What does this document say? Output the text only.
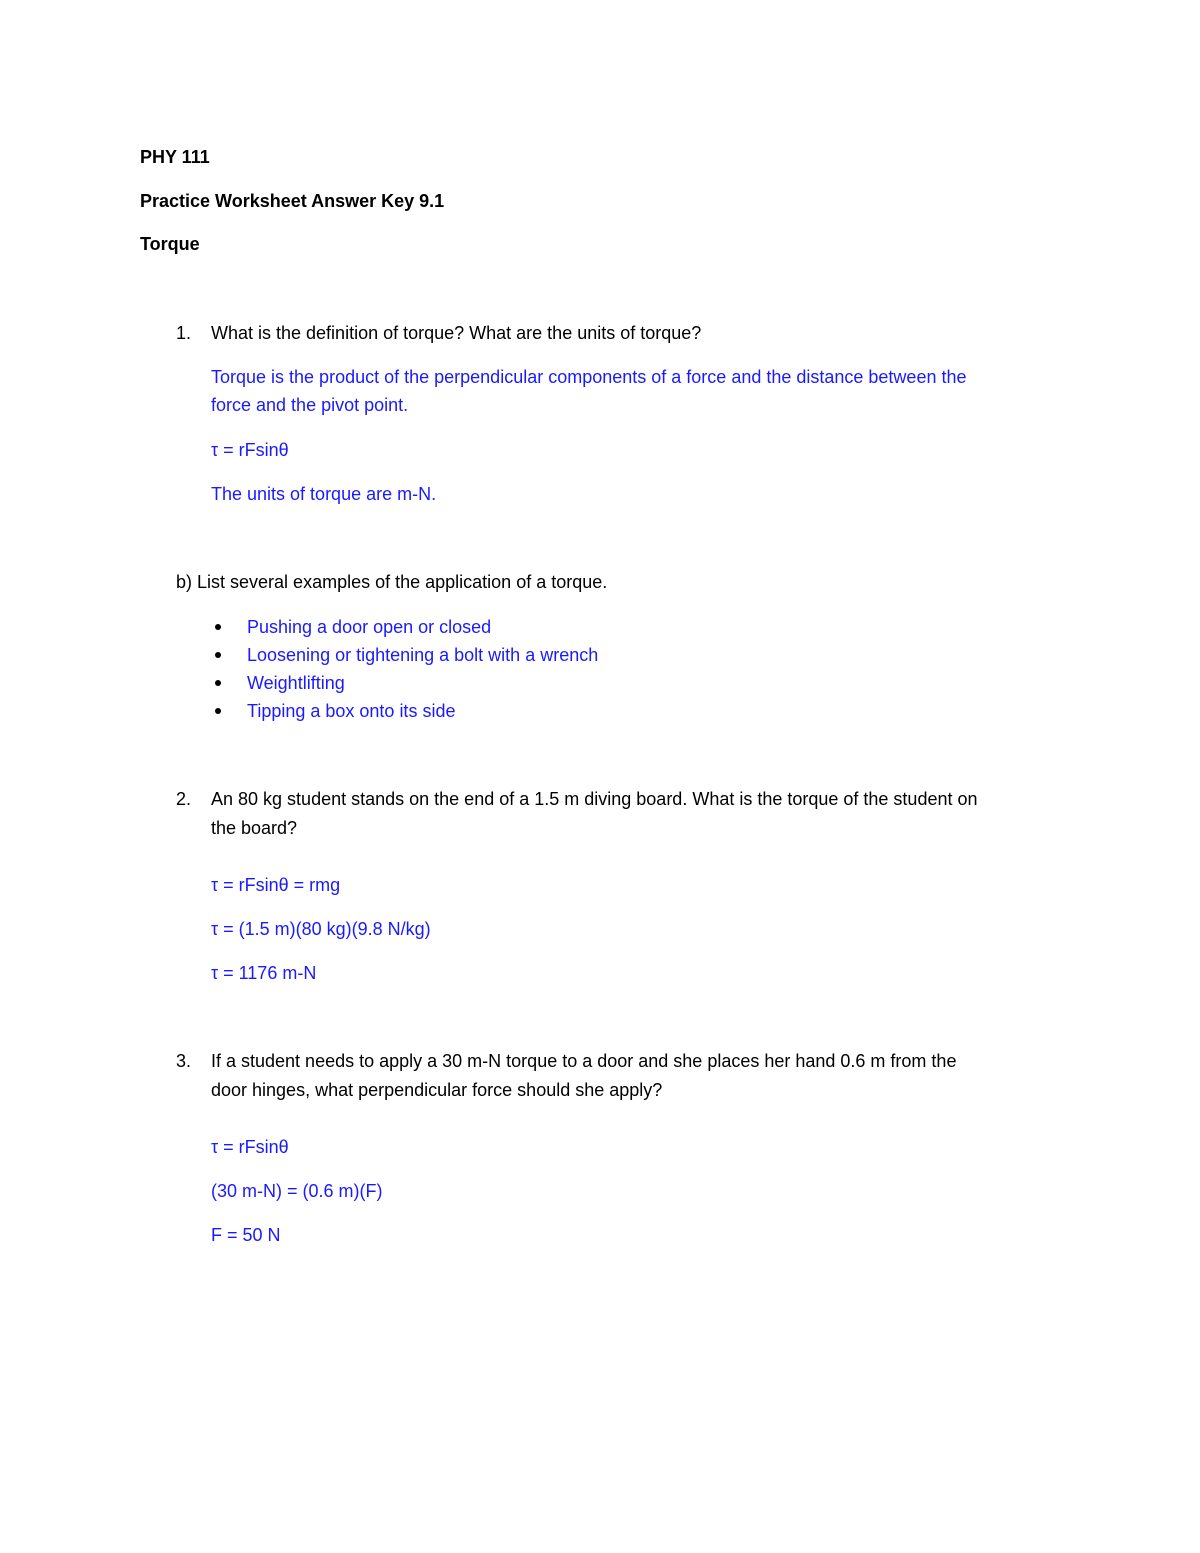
PHY 111
Practice Worksheet Answer Key 9.1
Torque
1. What is the definition of torque? What are the units of torque?
Torque is the product of the perpendicular components of a force and the distance between the
force and the pivot point.
τ = rFsinθ
The units of torque are m-N.
b) List several examples of the application of a torque.
Pushing a door open or closed
Loosening or tightening a bolt with a wrench
Weightlifting
Tipping a box onto its side
2. An 80 kg student stands on the end of a 1.5 m diving board. What is the torque of the student on
the board?
τ = rFsinθ = rmg
τ = (1.5 m)(80 kg)(9.8 N/kg)
τ = 1176 m-N
3. If a student needs to apply a 30 m-N torque to a door and she places her hand 0.6 m from the
door hinges, what perpendicular force should she apply?
τ = rFsinθ
(30 m-N) = (0.6 m)(F)
F = 50 N
